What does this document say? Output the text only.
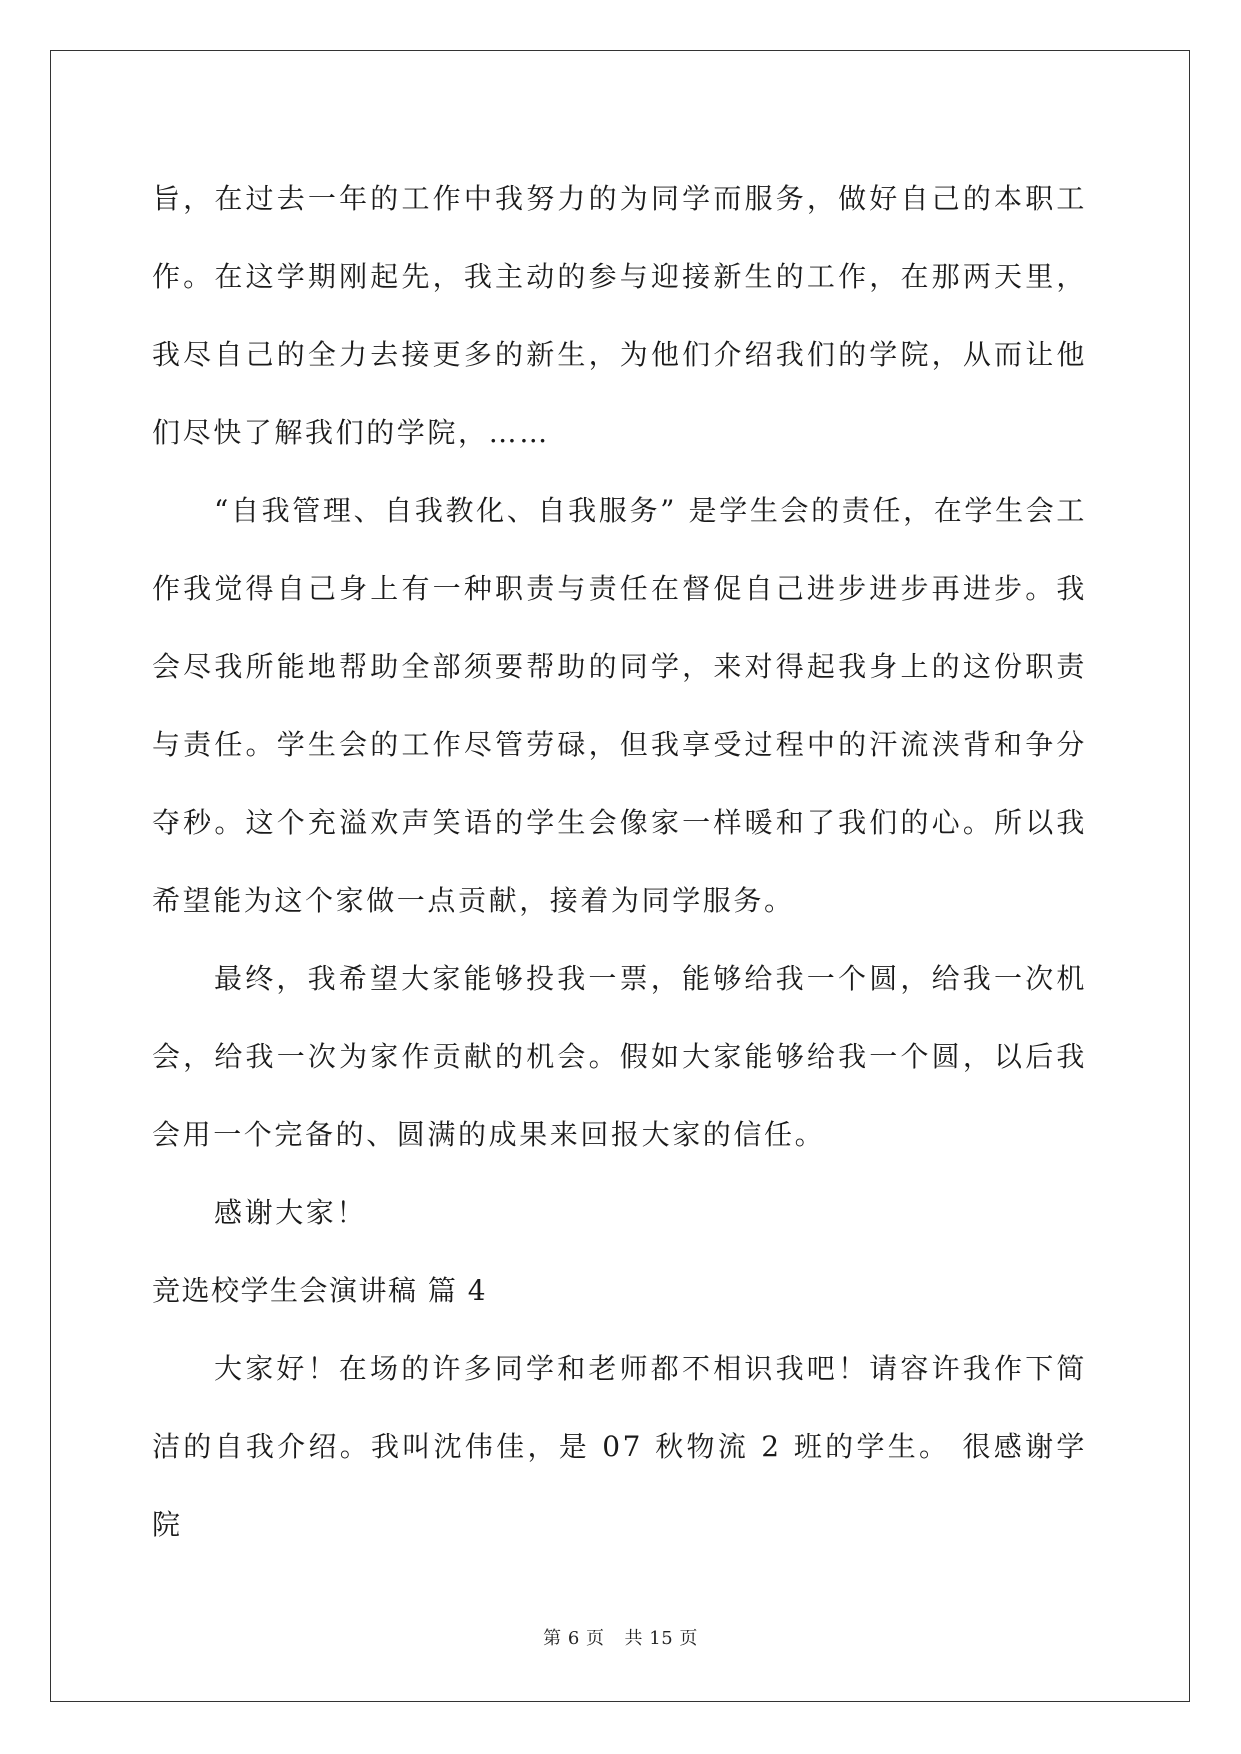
旨，在过去一年的工作中我努力的为同学而服务，做好自己的本职工作。在这学期刚起先，我主动的参与迎接新生的工作，在那两天里，我尽自己的全力去接更多的新生，为他们介绍我们的学院，从而让他们尽快了解我们的学院，……

“自我管理、自我教化、自我服务” 是学生会的责任，在学生会工作我觉得自己身上有一种职责与责任在督促自己进步进步再进步。我会尽我所能地帮助全部须要帮助的同学，来对得起我身上的这份职责与责任。学生会的工作尽管劳碌，但我享受过程中的汗流浃背和争分夺秒。这个充溢欢声笑语的学生会像家一样暖和了我们的心。所以我希望能为这个家做一点贡献，接着为同学服务。

最终，我希望大家能够投我一票，能够给我一个圆，给我一次机会，给我一次为家作贡献的机会。假如大家能够给我一个圆，以后我会用一个完备的、圆满的成果来回报大家的信任。

感谢大家！

竞选校学生会演讲稿 篇 4

大家好！在场的许多同学和老师都不相识我吧！请容许我作下简洁的自我介绍。我叫沈伟佳，是 07 秋物流 2 班的学生。 很感谢学院

第 6 页 共 15 页
